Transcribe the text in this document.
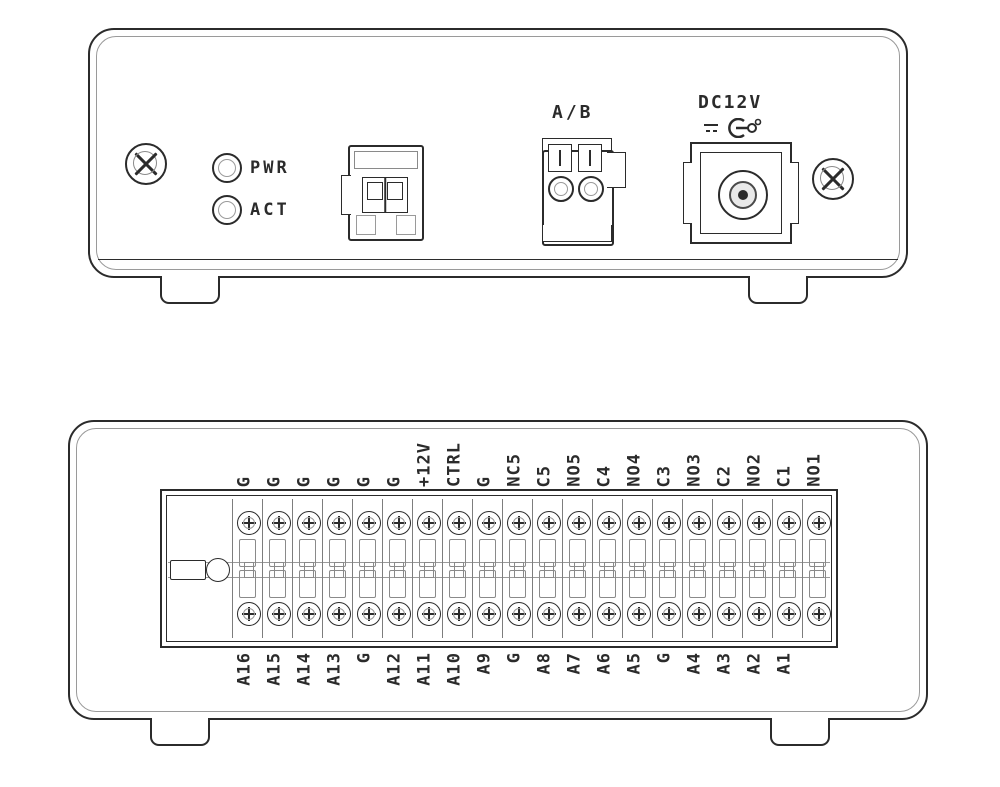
PWR
ACT
A/B	DC12V
G G G G G G +12V CTRL G NC5 C5 NO5 C4 NO4 C3 NO3 C2 NO2 C1 NO1
A16 A15 A14 A13 G A12 A11 A10 A9 G A8 A7 A6 A5 G A4 A3 A2 A1
